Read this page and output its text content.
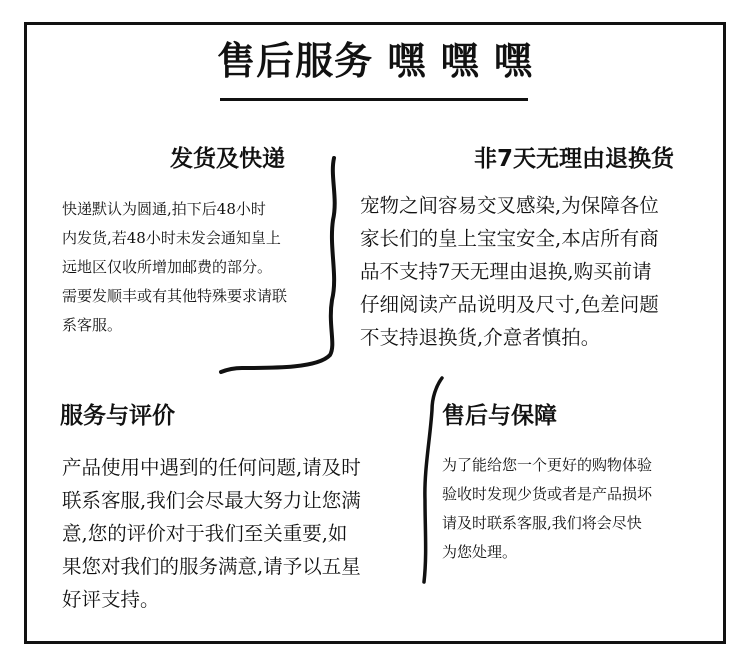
售后服务 嘿 嘿 嘿
发货及快递
快递默认为圆通,拍下后48小时
内发货,若48小时未发会通知皇上
远地区仅收所增加邮费的部分。
需要发顺丰或有其他特殊要求请联
系客服。
非7天无理由退换货
宠物之间容易交叉感染,为保障各位
家长们的皇上宝宝安全,本店所有商
品不支持7天无理由退换,购买前请
仔细阅读产品说明及尺寸,色差问题
不支持退换货,介意者慎拍。
服务与评价
产品使用中遇到的任何问题,请及时
联系客服,我们会尽最大努力让您满
意,您的评价对于我们至关重要,如
果您对我们的服务满意,请予以五星
好评支持。
售后与保障
为了能给您一个更好的购物体验
验收时发现少货或者是产品损坏
请及时联系客服,我们将会尽快
为您处理。
